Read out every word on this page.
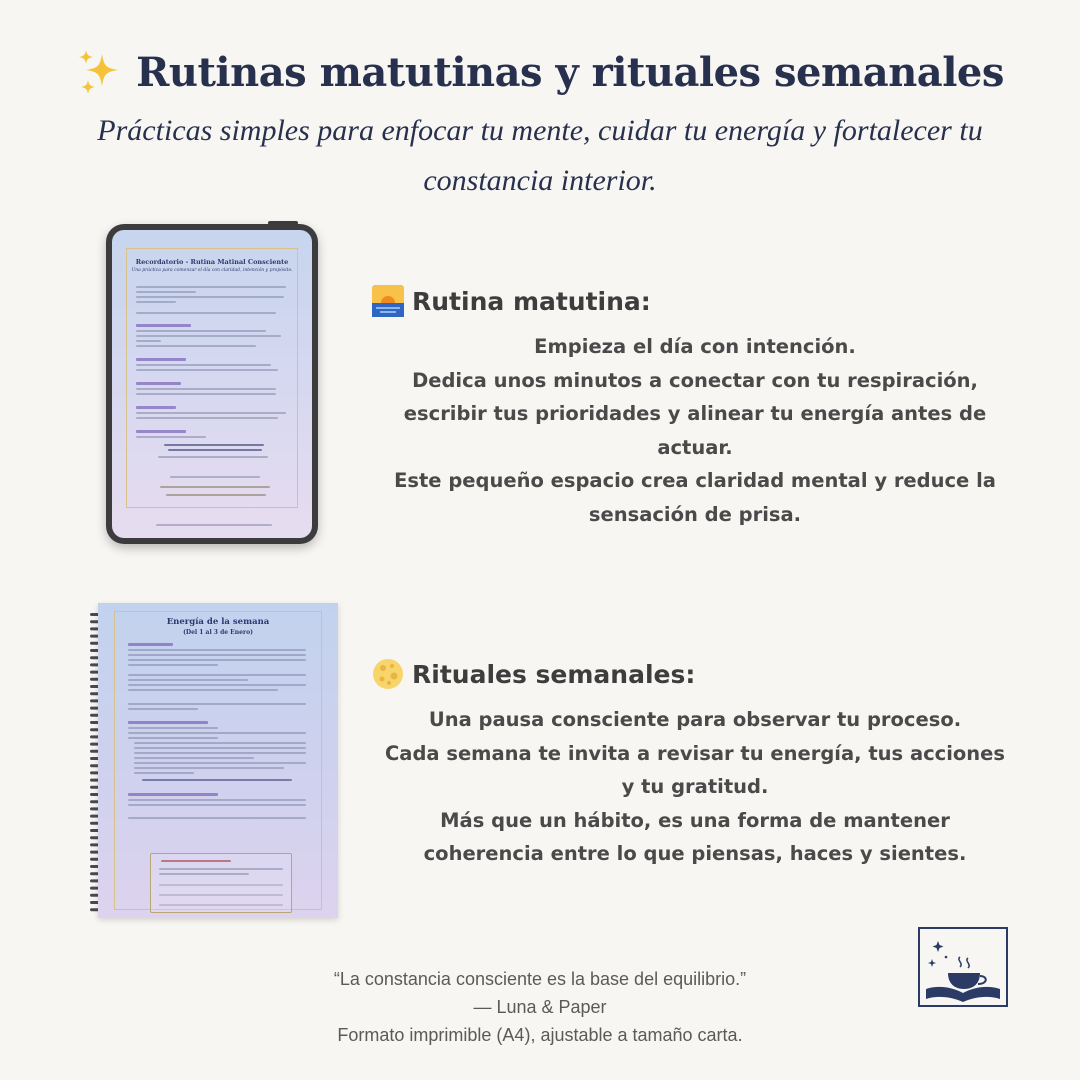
Rutinas matutinas y rituales semanales
Prácticas simples para enfocar tu mente, cuidar tu energía y fortalecer tu constancia interior.
Recordatorio - Rutina Matinal Consciente
Una práctica para comenzar el día con claridad, intención y propósito.
Rutina matutina:

Empieza el día con intención.

Dedica unos minutos a conectar con tu respiración, escribir tus prioridades y alinear tu energía antes de actuar.

Este pequeño espacio crea claridad mental y reduce la sensación de prisa.

Energía de la semana
(Del 1 al 3 de Enero)
Rituales semanales:

Una pausa consciente para observar tu proceso.

Cada semana te invita a revisar tu energía, tus acciones y tu gratitud.

Más que un hábito, es una forma de mantener coherencia entre lo que piensas, haces y sientes.

“La constancia consciente es la base del equilibrio.”

— Luna & Paper

Formato imprimible (A4), ajustable a tamaño carta.
